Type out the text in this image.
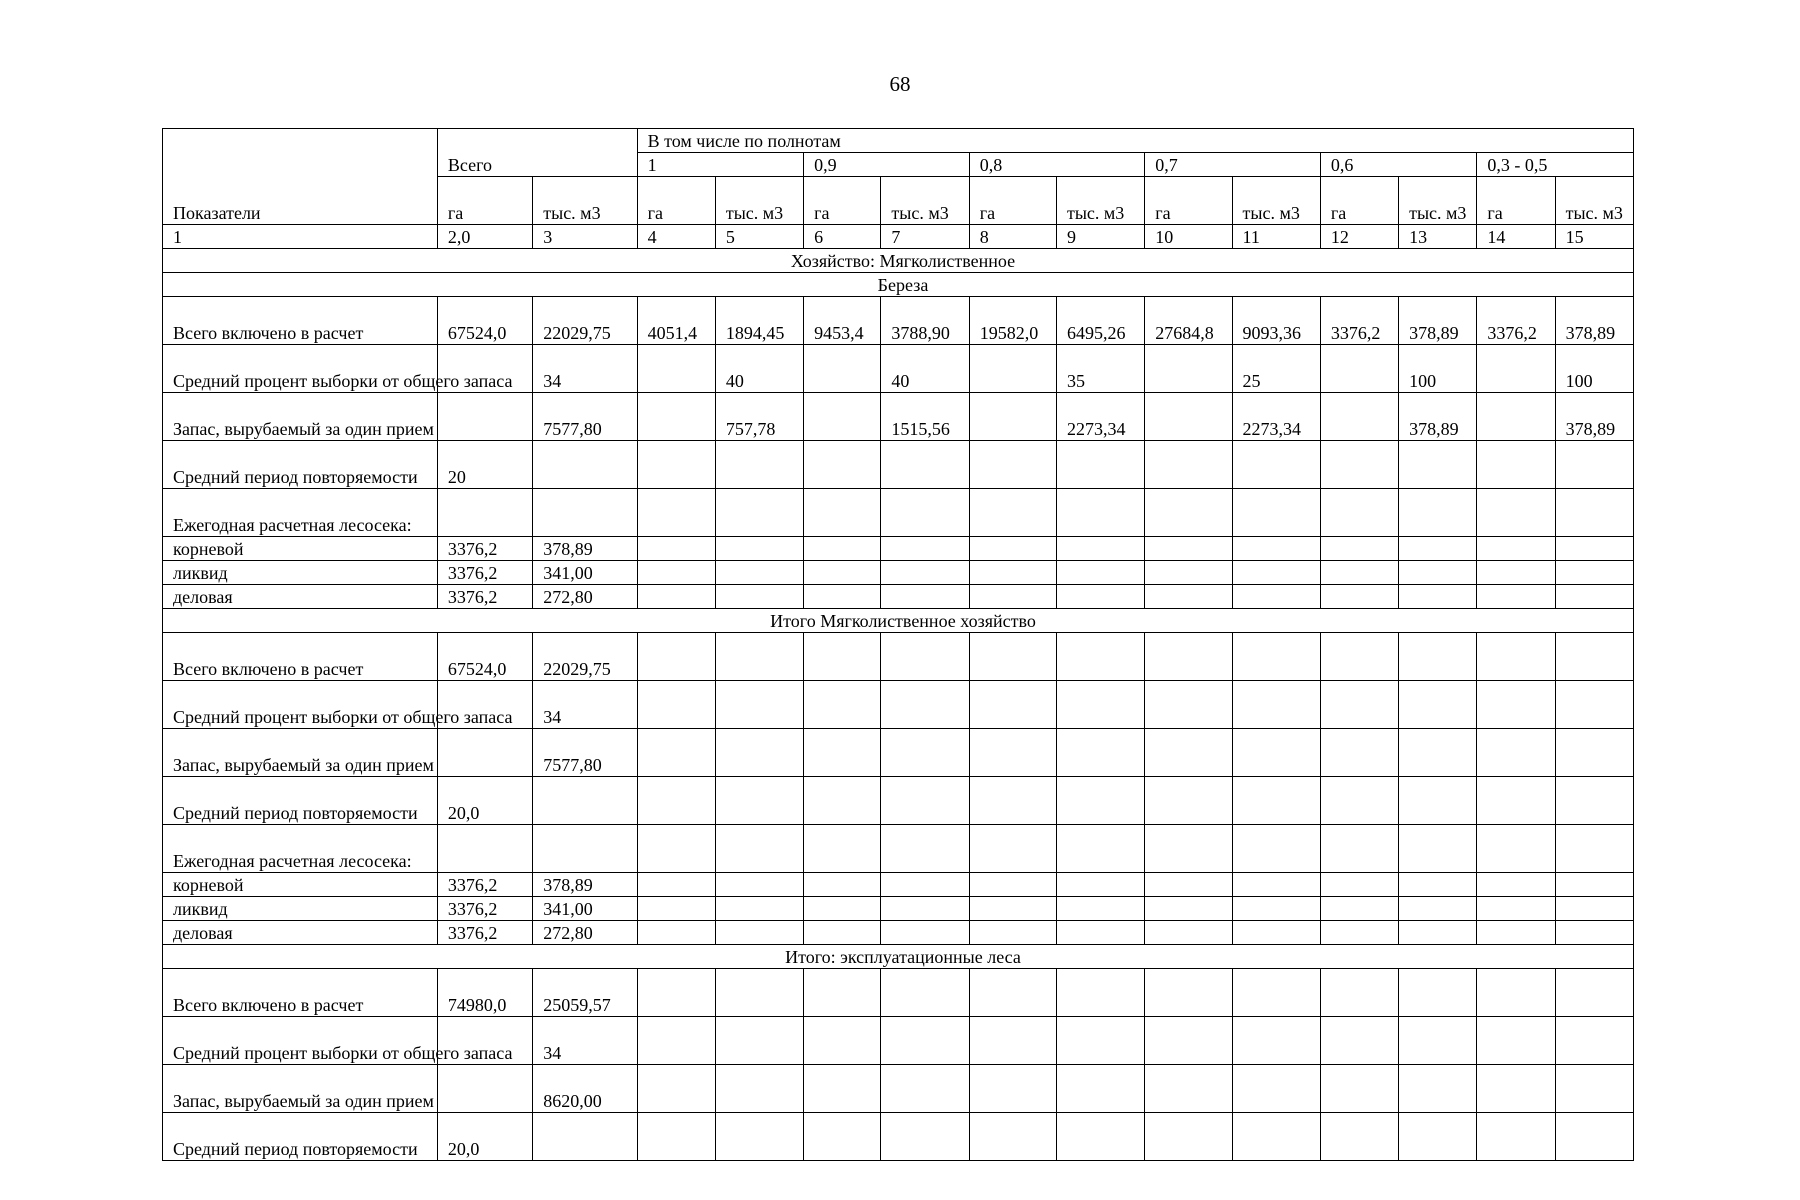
68
Показатели	Всего		В том числе по полнотам											
			1		0,9		0,8		0,7		0,6		0,3 - 0,5	
	га	тыс. м3	га	тыс. м3	га	тыс. м3	га	тыс. м3	га	тыс. м3	га	тыс. м3	га	тыс. м3
1	2,0	3	4	5	6	7	8	9	10	11	12	13	14	15
Хозяйство: Мягколиственное														
Береза														
Всего включено в расчет	67524,0	22029,75	4051,4	1894,45	9453,4	3788,90	19582,0	6495,26	27684,8	9093,36	3376,2	378,89	3376,2	378,89
Средний процент выборки от общего запаса		34		40		40		35		25		100		100
Запас, вырубаемый за один прием		7577,80		757,78		1515,56		2273,34		2273,34		378,89		378,89
Средний период повторяемости	20													
Ежегодная расчетная лесосека:														
корневой	3376,2	378,89												
ликвид	3376,2	341,00												
деловая	3376,2	272,80												
Итого Мягколиственное хозяйство														
Всего включено в расчет	67524,0	22029,75												
Средний процент выборки от общего запаса		34												
Запас, вырубаемый за один прием		7577,80												
Средний период повторяемости	20,0													
Ежегодная расчетная лесосека:														
корневой	3376,2	378,89												
ликвид	3376,2	341,00												
деловая	3376,2	272,80												
Итого: эксплуатационные леса														
Всего включено в расчет	74980,0	25059,57												
Средний процент выборки от общего запаса		34												
Запас, вырубаемый за один прием		8620,00												
Средний период повторяемости	20,0													
